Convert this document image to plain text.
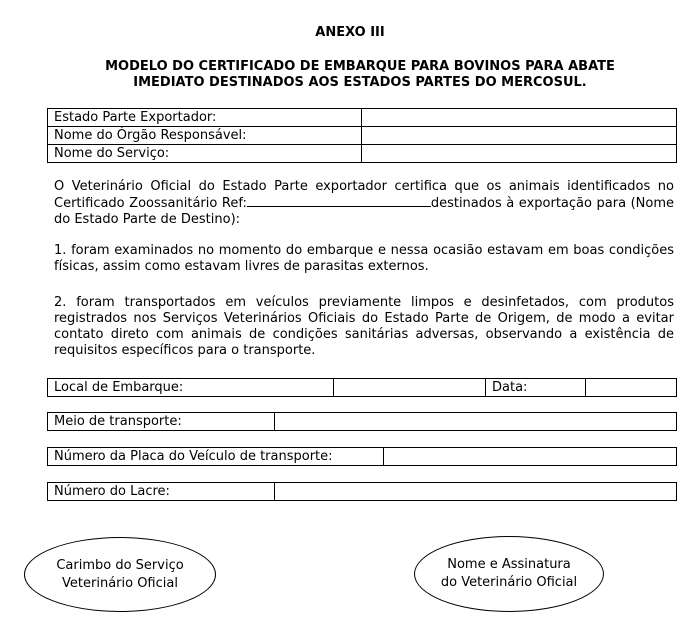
ANEXO III
MODELO DO CERTIFICADO DE EMBARQUE PARA BOVINOS PARA ABATE
IMEDIATO DESTINADOS AOS ESTADOS PARTES DO MERCOSUL.
Estado Parte Exportador:	
Nome do Órgão Responsável:	
Nome do Serviço:	

O Veterinário Oficial do Estado Parte exportador certifica que os animais identificados no Certificado Zoossanitário Ref:	destinados à exportação para (Nome do Estado Parte de Destino):

1. foram examinados no momento do embarque e nessa ocasião estavam em boas condições físicas, assim como estavam livres de parasitas externos.

2. foram transportados em veículos previamente limpos e desinfetados, com produtos registrados nos Serviços Veterinários Oficiais do Estado Parte de Origem, de modo a evitar contato direto com animais de condições sanitárias adversas, observando a existência de requisitos específicos para o transporte.

Local de Embarque:		Data:	
Meio de transporte:	
Número da Placa do Veículo de transporte:	
Número do Lacre:	
Carimbo do Serviço
Veterinário Oficial
Nome e Assinatura
do Veterinário Oficial
